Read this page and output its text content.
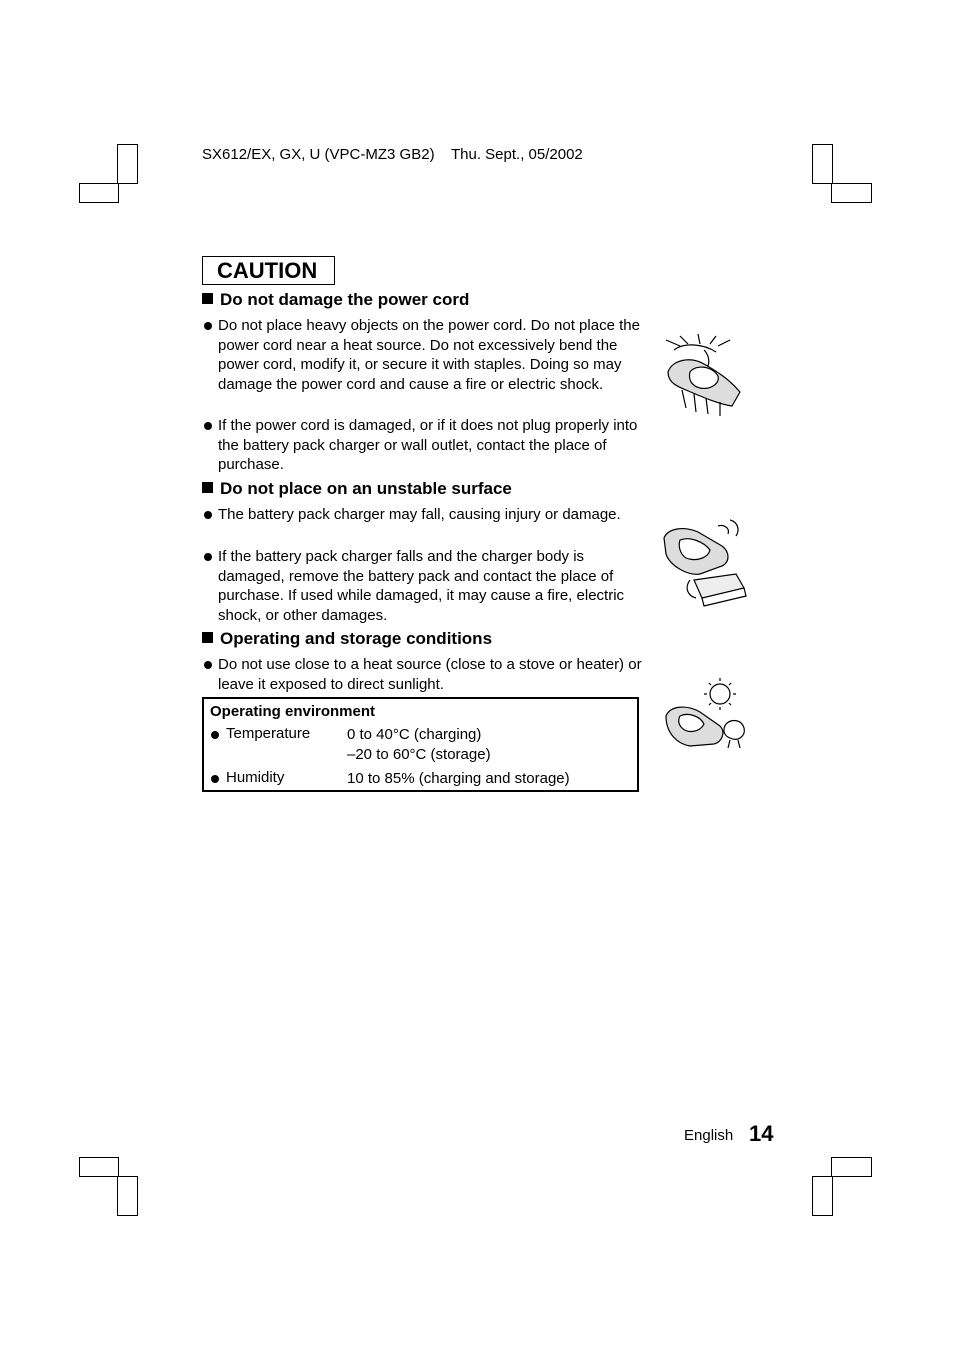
SX612/EX, GX, U (VPC-MZ3 GB2) Thu. Sept., 05/2002
CAUTION
Do not damage the power cord
Do not place heavy objects on the power cord. Do not place the power cord near a heat source. Do not excessively bend the power cord, modify it, or secure it with staples. Doing so may damage the power cord and cause a fire or electric shock.
If the power cord is damaged, or if it does not plug properly into the battery pack charger or wall outlet, contact the place of purchase.
Do not place on an unstable surface
The battery pack charger may fall, causing injury or damage.
If the battery pack charger falls and the charger body is damaged, remove the battery pack and contact the place of purchase. If used while damaged, it may cause a fire, electric shock, or other damages.
Operating and storage conditions
Do not use close to a heat source (close to a stove or heater) or leave it exposed to direct sunlight.
Operating environment
Temperature 0 to 40°C (charging)
–20 to 60°C (storage)
Humidity	10 to 85% (charging and storage)
English 14
